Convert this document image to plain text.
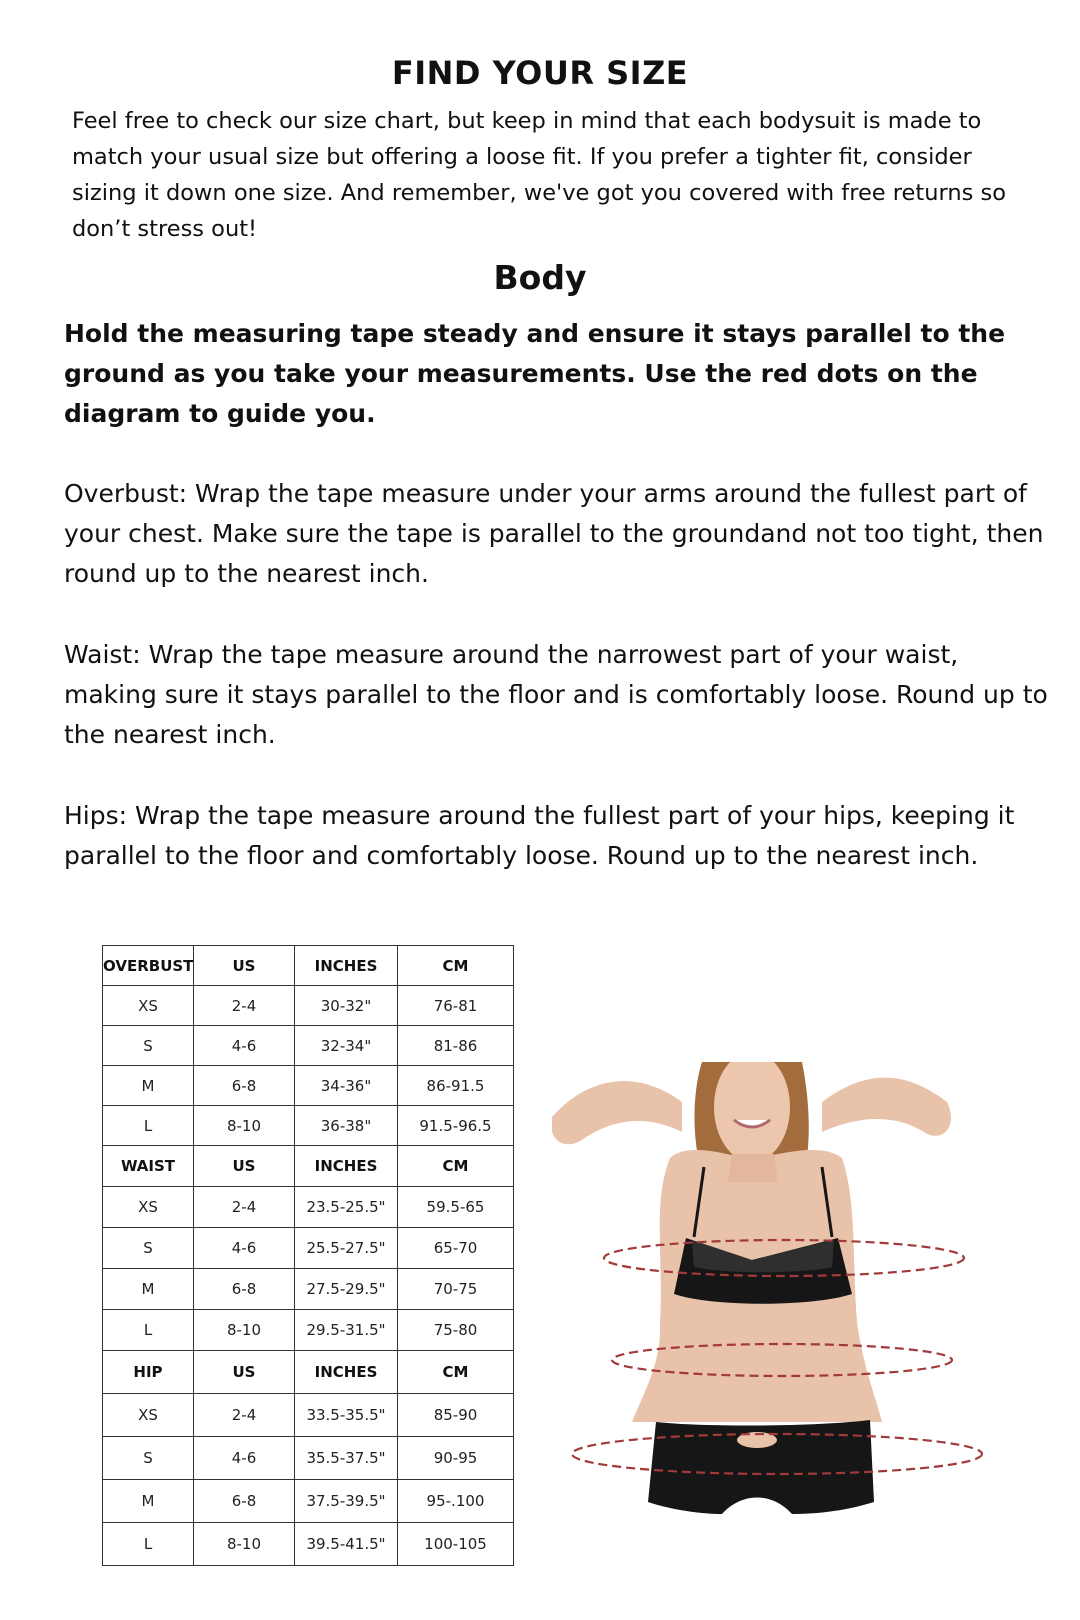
FIND YOUR SIZE

Feel free to check our size chart, but keep in mind that each bodysuit is made to match your usual size but offering a loose fit. If you prefer a tighter fit, consider sizing it down one size. And remember, we've got you covered with free returns so don’t stress out!

Body

Hold the measuring tape steady and ensure it stays parallel to the ground as you take your measurements. Use the red dots on the diagram to guide you.

Overbust: Wrap the tape measure under your arms around the fullest part of your chest. Make sure the tape is parallel to the groundand not too tight, then round up to the nearest inch.

Waist: Wrap the tape measure around the narrowest part of your waist, making sure it stays parallel to the floor and is comfortably loose. Round up to the nearest inch.

Hips: Wrap the tape measure around the fullest part of your hips, keeping it parallel to the floor and comfortably loose. Round up to the nearest inch.

OVERBUST	US	INCHES	CM
XS	2-4	30-32"	76-81
S	4-6	32-34"	81-86
M	6-8	34-36"	86-91.5
L	8-10	36-38"	91.5-96.5
WAIST	US	INCHES	CM
XS	2-4	23.5-25.5"	59.5-65
S	4-6	25.5-27.5"	65-70
M	6-8	27.5-29.5"	70-75
L	8-10	29.5-31.5"	75-80
HIP	US	INCHES	CM
XS	2-4	33.5-35.5"	85-90
S	4-6	35.5-37.5"	90-95
M	6-8	37.5-39.5"	95-.100
L	8-10	39.5-41.5"	100-105
